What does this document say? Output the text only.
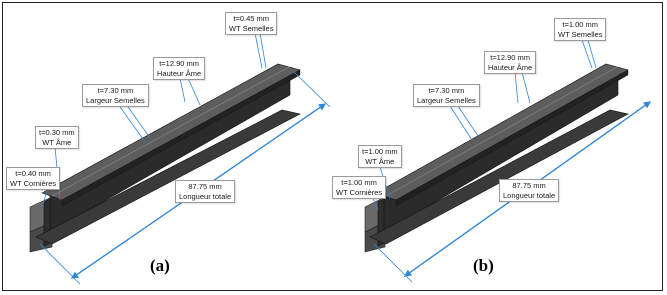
t=0.45 mm
WT Semelles
t=12.90 mm
Hauteur Âme
t=7.30 mm
Largeur Semelles
t=0.30 mm
WT Âme
t=0.40 mm
WT Cornières	87.75 mm
Longueur totale
(a)
t=1.00 mm
WT Semelles
t=12.90 mm
Hauteur Âme
t=7.30 mm
Largeur Semelles
t=1.00 mm
WT Âme
t=1.00 mm
WT Cornières
87.75 mm
Longueur totale
(b)
